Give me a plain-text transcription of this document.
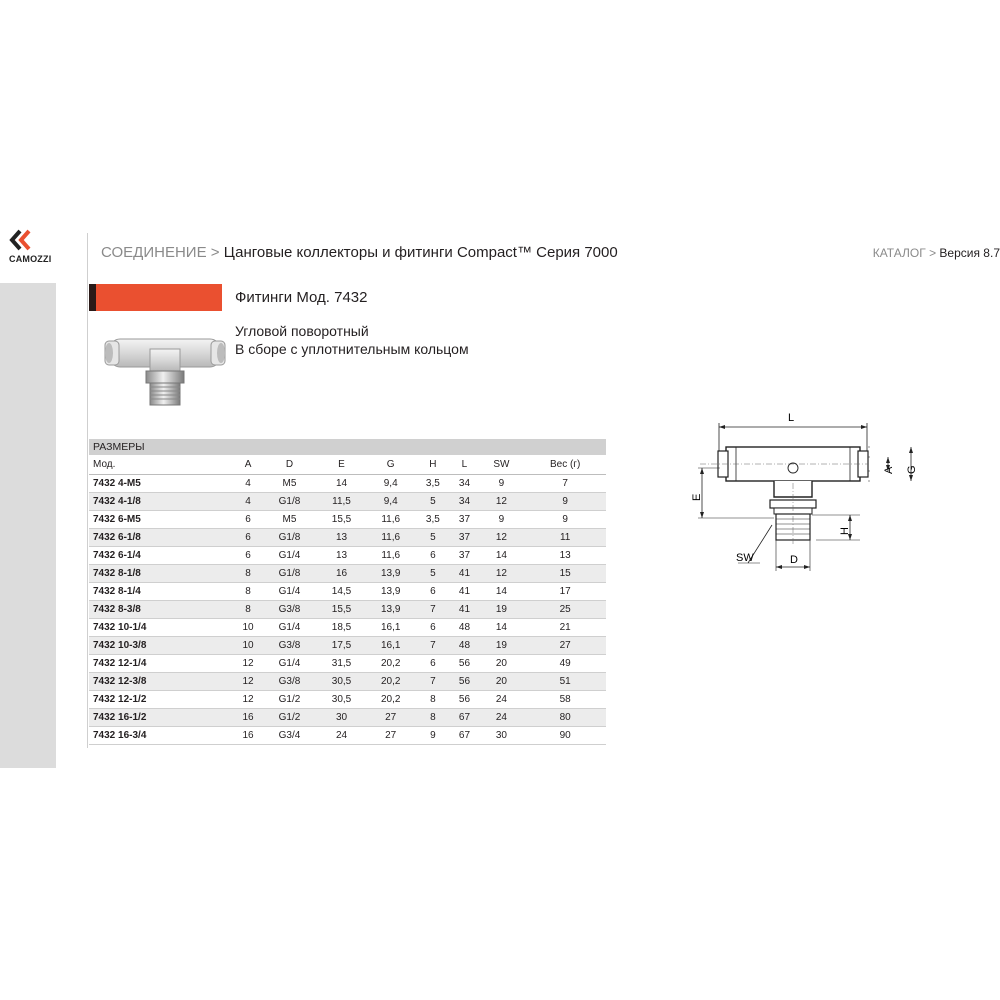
CAMOZZI	СОЕДИНЕНИЕ > Цанговые коллекторы и фитинги Compact™ Серия 7000	КАТАЛОГ > Версия 8.7
Фитинги Мод. 7432
Угловой поворотный
В сборе с уплотнительным кольцом
РАЗМЕРЫ
Мод.	A	D	E	G	H	L	SW	Вес (г)
7432 4-M5	4	M5	14	9,4	3,5	34	9	7
7432 4-1/8	4	G1/8	11,5	9,4	5	34	12	9
7432 6-M5	6	M5	15,5	11,6	3,5	37	9	9
7432 6-1/8	6	G1/8	13	11,6	5	37	12	11
7432 6-1/4	6	G1/4	13	11,6	6	37	14	13
7432 8-1/8	8	G1/8	16	13,9	5	41	12	15
7432 8-1/4	8	G1/4	14,5	13,9	6	41	14	17
7432 8-3/8	8	G3/8	15,5	13,9	7	41	19	25
7432 10-1/4	10	G1/4	18,5	16,1	6	48	14	21
7432 10-3/8	10	G3/8	17,5	16,1	7	48	19	27
7432 12-1/4	12	G1/4	31,5	20,2	6	56	20	49
7432 12-3/8	12	G3/8	30,5	20,2	7	56	20	51
7432 12-1/2	12	G1/2	30,5	20,2	8	56	24	58
7432 16-1/2	16	G1/2	30	27	8	67	24	80
7432 16-3/4	16	G3/4	24	27	9	67	30	90
L
E
H
D
SW
A G
